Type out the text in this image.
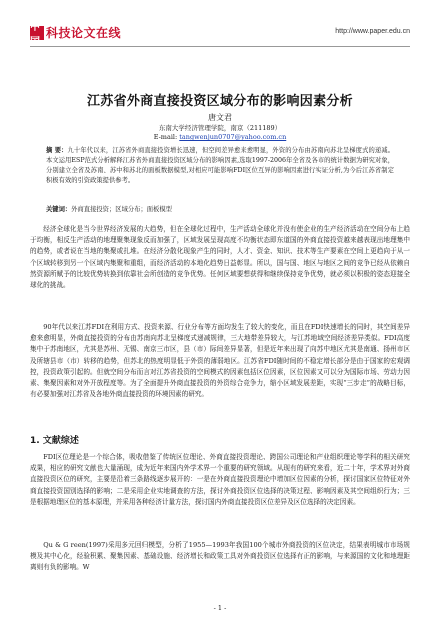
中国
科技论文在线	http://www.paper.edu.cn
江苏省外商直接投资区域分布的影响因素分析
唐文君
东南大学经济管理学院，南京（211189）
E-mail: tangwenjun0707@yahoo.com.cn
摘 要：九十年代以来，江苏省外商直接投资增长迅速，但空间差异愈来愈明显，外资的分布由苏南向苏北呈梯度式的递减。本文运用ESP范式分析解释江苏省外商直接投资区域分布的影响因素,选取1997-2006年全省及各市的统计数据为研究对象，分别建立全省及苏南、苏中和苏北的面板数据模型,对相应可能影响FDI区位互异的影响因素进行实证分析,为今后江苏省制定积极有效的引资政策提供参考。
关键词：外商直接投资；区域分布；面板模型

经济全球化是当今世界经济发展的大趋势，但在全球化过程中，生产活动全球化并没有使企业的生产经济活动在空间分布上趋于均衡，相反生产活动的地理聚集现象反而加强了，区域发展呈现高度不均衡状态即东道国的外商直接投资越来越表现出地理集中的趋势，或者说在当地的集聚或扎堆。在经济分散化现象产生的同时，人才、资金、知识、技术等生产要素在空间上更趋向于从一个区域转移到另一个区域内集聚和重组，而经济活动的本地化趋势日益彰显。所以，国与国、地区与地区之间的竞争已经从依赖自然资源所赋予的比较优势转换到依靠社会所创造的竞争优势。任何区域要想获得和继续保持竞争优势，就必须以积极的姿态迎接全球化的挑战。

90年代以来江苏FDI在利用方式、投资来源、行业分布等方面均发生了较大的变化，而且在FDI快速增长的同时，其空间差异愈来愈明显，外商直接投资的分布由苏南向苏北呈梯度式递减规律，三大地带差异较大，与江苏地域空间经济差异类似。FDI高度集中于苏南地区，尤其是苏州、无锡、南京三市区，县（市）际间差异显著，但是近年来出现了向苏中地区尤其是南通、扬州市区及所辖县市（市）转移的趋势，但苏北的热度明显低于外资的薄弱地区。江苏省FDI随时间的不稳定增长部分是由于国家的宏观调控，投资政策引起的。但就空间分布而言对江苏省投资的空间模式的因素包括区位因素，区位因素又可以分为国际市场、劳动力因素、集聚因素和对外开放程度等。为了全面提升外商直接投资的外资综合竞争力，缩小区域发展差距，实现“三步走”的战略目标，有必要加强对江苏省及各地外商直接投资的环境因素的研究。

1. 文献综述

FDI区位理论是一个综合体，吸收借鉴了传统区位理论、外商直接投资理论、跨国公司理论和产业组织理论等学科的相关研究成果，相应的研究文献也大量涌现，成为近年来国内外学术界一个重要的研究领域。从现有的研究来看，近二十年，学术界对外商直接投资区位的研究，主要是沿着三条路线逐步展开的：一是在外商直接投资理论中增加区位因素的分析，探讨国家区位特征对外商直接投资国别选择的影响；二是采用企业实地调查的方法，探讨外商投资区位选择的决策过程、影响因素及其空间组织行为；三是根据地理区位的基本原理，并采用各种经济计量方法，探讨国内外商直接投资区位差异及区位选择的决定因素。

Qu & G reen(1997)采用多元回归模型，分析了1955—1993年我国100个城市外商投资的区位决定，结果表明城市市场规模及其中心化，经验积累、聚集因素、基础设施、经济增长和政策工具对外商投资区位选择有正的影响，与来源国的文化和地理距离则有负的影响。W

- 1 -
